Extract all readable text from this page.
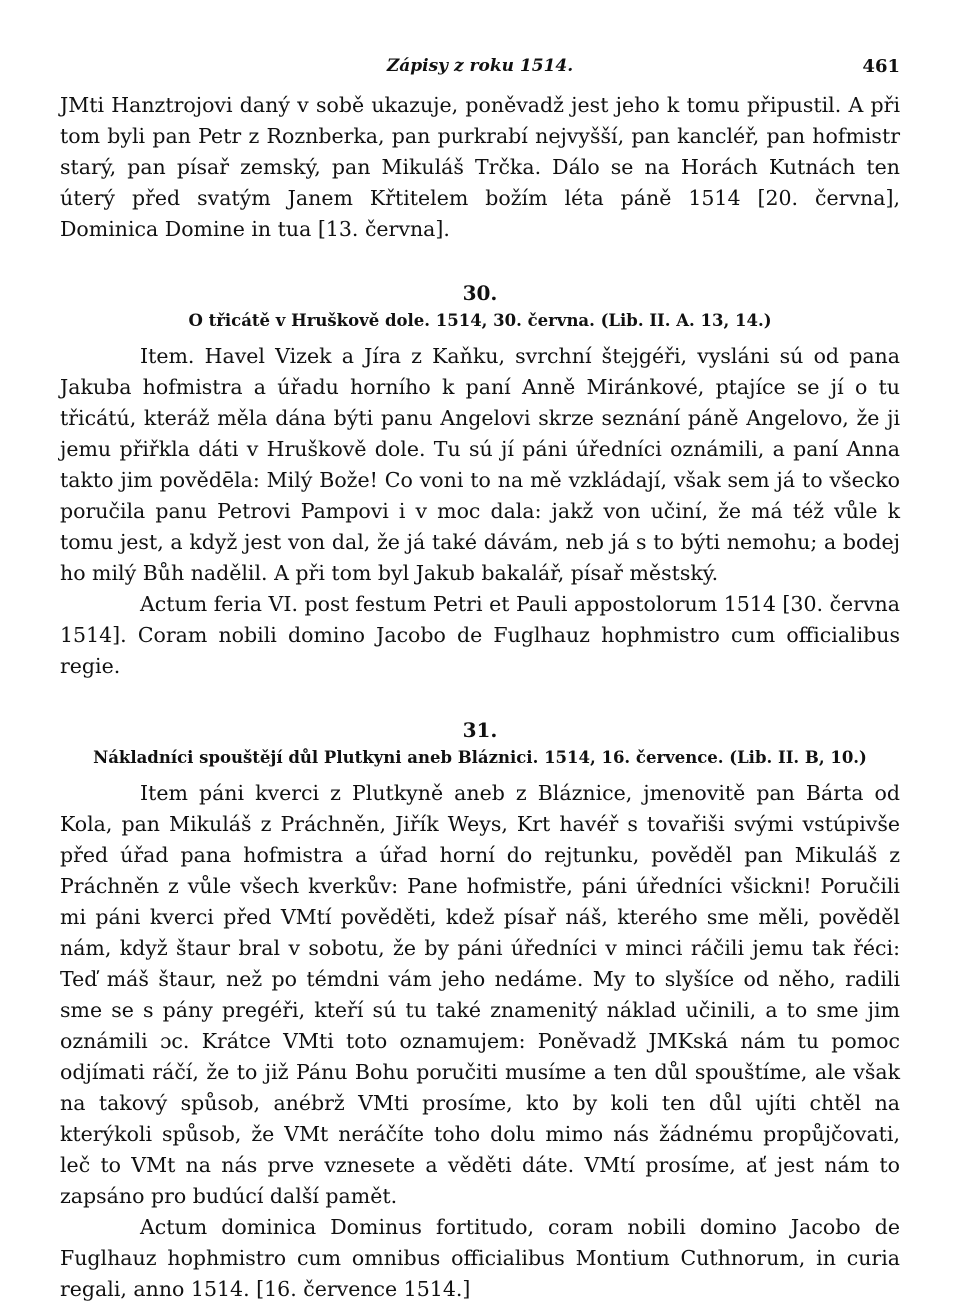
Zápisy z roku 1514.	461

JMti Hanztrojovi daný v sobě ukazuje, poněvadž jest jeho k tomu připustil. A při tom byli pan Petr z Roznberka, pan purkrabí nejvyšší, pan kancléř, pan hofmistr starý, pan písař zemský, pan Mikuláš Trčka. Dálo se na Horách Kutnách ten úterý před svatým Janem Křtitelem božím léta páně 1514 [20. června], Dominica Domine in tua [13. června].

30.

O třicátě v Hruškově dole. 1514, 30. června. (Lib. II. A. 13, 14.)

Item. Havel Vizek a Jíra z Kaňku, svrchní štejgéři, vysláni sú od pana Jakuba hofmistra a úřadu horního k paní Anně Miránkové, ptajíce se jí o tu třicátú, kteráž měla dána býti panu Angelovi skrze seznání páně Angelovo, že ji jemu přiřkla dáti v Hruškově dole. Tu sú jí páni úředníci oznámili, a paní Anna takto jim povědēla: Milý Bože! Co voni to na mě vzkládají, však sem já to všecko poručila panu Petrovi Pampovi i v moc dala: jakž von učiní, že má též vůle k tomu jest, a když jest von dal, že já také dávám, neb já s to býti nemohu; a bodej ho milý Bůh nadělil. A při tom byl Jakub bakalář, písař městský.

Actum feria VI. post festum Petri et Pauli appostolorum 1514 [30. června 1514]. Coram nobili domino Jacobo de Fuglhauz hophmistro cum officialibus regie.

31.

Nákladníci spouštějí důl Plutkyni aneb Bláznici. 1514, 16. července. (Lib. II. B, 10.)

Item páni kverci z Plutkyně aneb z Bláznice, jmenovitě pan Bárta od Kola, pan Mikuláš z Práchněn, Jiřík Weys, Krt havéř s tovařiši svými vstúpivše před úřad pana hofmistra a úřad horní do rejtunku, pověděl pan Mikuláš z Práchněn z vůle všech kverkův: Pane hofmistře, páni úředníci všickni! Poručili mi páni kverci před VMtí pověděti, kdež písař náš, kterého sme měli, pověděl nám, když štaur bral v sobotu, že by páni úředníci v minci ráčili jemu tak řéci: Teď máš štaur, než po témdni vám jeho nedáme. My to slyšíce od něho, radili sme se s pány pregéři, kteří sú tu také znamenitý náklad učinili, a to sme jim oznámili ɔc. Krátce VMti toto oznamujem: Poněvadž JMKská nám tu pomoc odjímati ráčí, že to již Pánu Bohu poručiti musíme a ten důl spouštíme, ale však na takový spůsob, anébrž VMti prosíme, kto by koli ten důl ujíti chtěl na kterýkoli spůsob, že VMt neráčíte toho dolu mimo nás žádnému propůjčovati, leč to VMt na nás prve vznesete a věděti dáte. VMtí prosíme, ať jest nám to zapsáno pro budúcí další pamět.

Actum dominica Dominus fortitudo, coram nobili domino Jacobo de Fuglhauz hophmistro cum omnibus officialibus Montium Cuthnorum, in curia regali, anno 1514. [16. července 1514.]
